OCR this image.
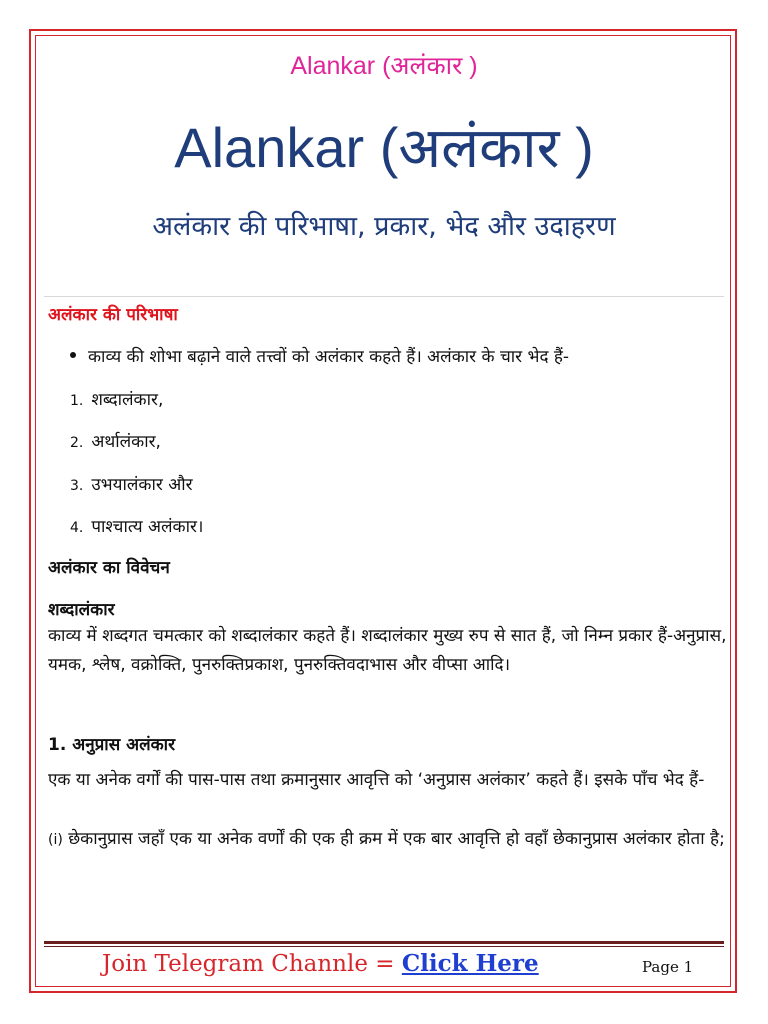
Alankar (अलंकार )
Alankar (अलंकार )
अलंकार की परिभाषा, प्रकार, भेद और उदाहरण
अलंकार की परिभाषा
काव्य की शोभा बढ़ाने वाले तत्त्वों को अलंकार कहते हैं। अलंकार के चार भेद हैं-
1. शब्दालंकार,
2. अर्थालंकार,
3. उभयालंकार और
4. पाश्चात्य अलंकार।
अलंकार का विवेचन
शब्दालंकार
काव्य में शब्दगत चमत्कार को शब्दालंकार कहते हैं। शब्दालंकार मुख्य रुप से सात हैं, जो निम्न प्रकार हैं-अनुप्रास, यमक, श्लेष, वक्रोक्ति, पुनरुक्तिप्रकाश, पुनरुक्तिवदाभास और वीप्सा आदि।
1. अनुप्रास अलंकार
एक या अनेक वर्गों की पास-पास तथा क्रमानुसार आवृत्ति को ‘अनुप्रास अलंकार’ कहते हैं। इसके पाँच भेद हैं-
(i) छेकानुप्रास जहाँ एक या अनेक वर्णों की एक ही क्रम में एक बार आवृत्ति हो वहाँ छेकानुप्रास अलंकार होता है;
Join Telegram Channle = Click Here	Page 1
